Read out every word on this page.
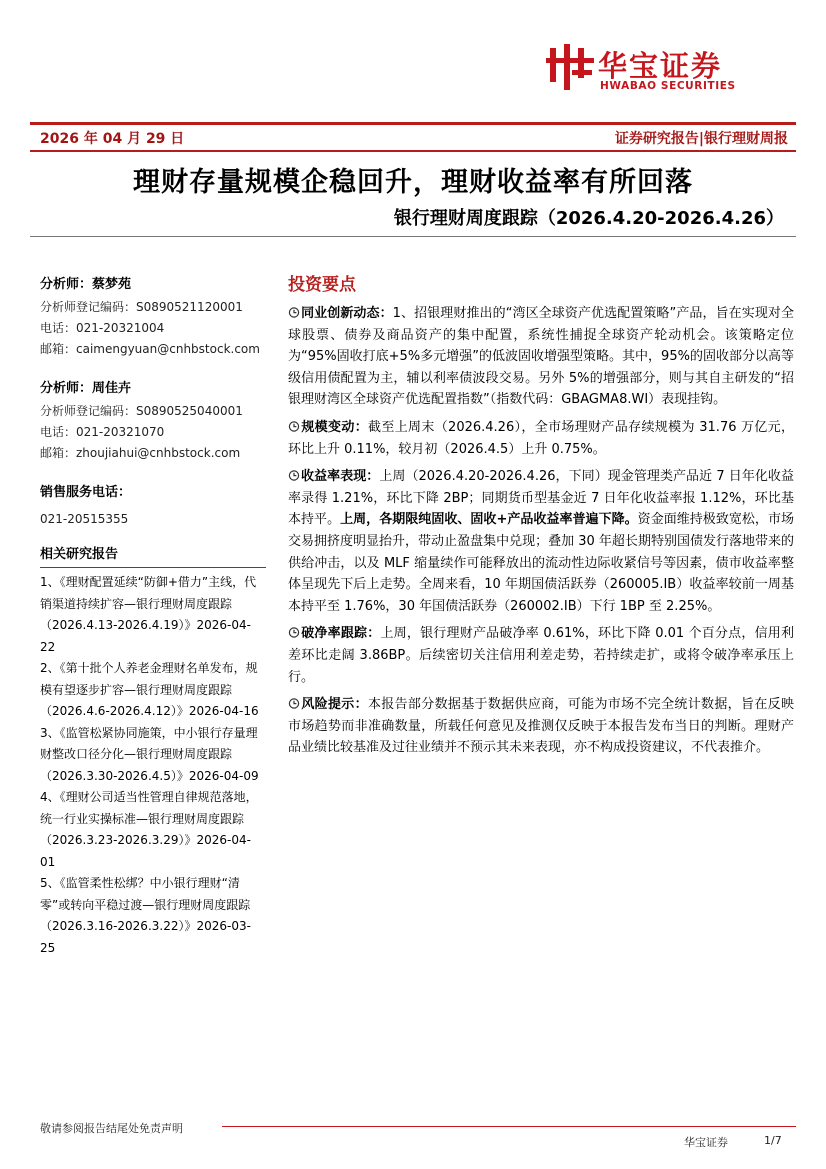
华宝证券
HWABAO SECURITIES
2026 年 04 月 29 日	证券研究报告|银行理财周报
理财存量规模企稳回升，理财收益率有所回落
银行理财周度跟踪（2026.4.20-2026.4.26）
分析师：蔡梦苑
分析师登记编码：S0890521120001
电话：021-20321004
邮箱：caimengyuan@cnhbstock.com
分析师：周佳卉
分析师登记编码：S0890525040001
电话：021-20321070
邮箱：zhoujiahui@cnhbstock.com
销售服务电话：
021-20515355
相关研究报告
1、《理财配置延续“防御+借力”主线，代销渠道持续扩容—银行理财周度跟踪（2026.4.13-2026.4.19）》2026-04-22
2、《第十批个人养老金理财名单发布，规模有望逐步扩容—银行理财周度跟踪（2026.4.6-2026.4.12）》2026-04-16
3、《监管松紧协同施策，中小银行存量理财整改口径分化—银行理财周度跟踪（2026.3.30-2026.4.5）》2026-04-09
4、《理财公司适当性管理自律规范落地，统一行业实操标准—银行理财周度跟踪（2026.3.23-2026.3.29）》2026-04-01
5、《监管柔性松绑？中小银行理财“清零”或转向平稳过渡—银行理财周度跟踪（2026.3.16-2026.3.22）》2026-03-25
投资要点

同业创新动态：1、招银理财推出的“湾区全球资产优选配置策略”产品，旨在实现对全球股票、债券及商品资产的集中配置，系统性捕捉全球资产轮动机会。该策略定位为“95%固收打底+5%多元增强”的低波固收增强型策略。其中，95%的固收部分以高等级信用债配置为主，辅以利率债波段交易。另外 5%的增强部分，则与其自主研发的“招银理财湾区全球资产优选配置指数”（指数代码：GBAGMA8.WI）表现挂钩。

规模变动：截至上周末（2026.4.26），全市场理财产品存续规模为 31.76 万亿元，环比上升 0.11%，较月初（2026.4.5）上升 0.75%。

收益率表现：上周（2026.4.20-2026.4.26，下同）现金管理类产品近 7 日年化收益率录得 1.21%，环比下降 2BP；同期货币型基金近 7 日年化收益率报 1.12%，环比基本持平。上周，各期限纯固收、固收+产品收益率普遍下降。资金面维持极致宽松，市场交易拥挤度明显抬升，带动止盈盘集中兑现；叠加 30 年超长期特别国债发行落地带来的供给冲击，以及 MLF 缩量续作可能释放出的流动性边际收紧信号等因素，债市收益率整体呈现先下后上走势。全周来看，10 年期国债活跃券（260005.IB）收益率较前一周基本持平至 1.76%，30 年国债活跃券（260002.IB）下行 1BP 至 2.25%。

破净率跟踪：上周，银行理财产品破净率 0.61%，环比下降 0.01 个百分点，信用利差环比走阔 3.86BP。后续密切关注信用利差走势，若持续走扩，或将令破净率承压上行。

风险提示：本报告部分数据基于数据供应商，可能为市场不完全统计数据，旨在反映市场趋势而非准确数量，所载任何意见及推测仅反映于本报告发布当日的判断。理财产品业绩比较基准及过往业绩并不预示其未来表现，亦不构成投资建议，不代表推介。

敬请参阅报告结尾处免责声明
华宝证券	1/7
